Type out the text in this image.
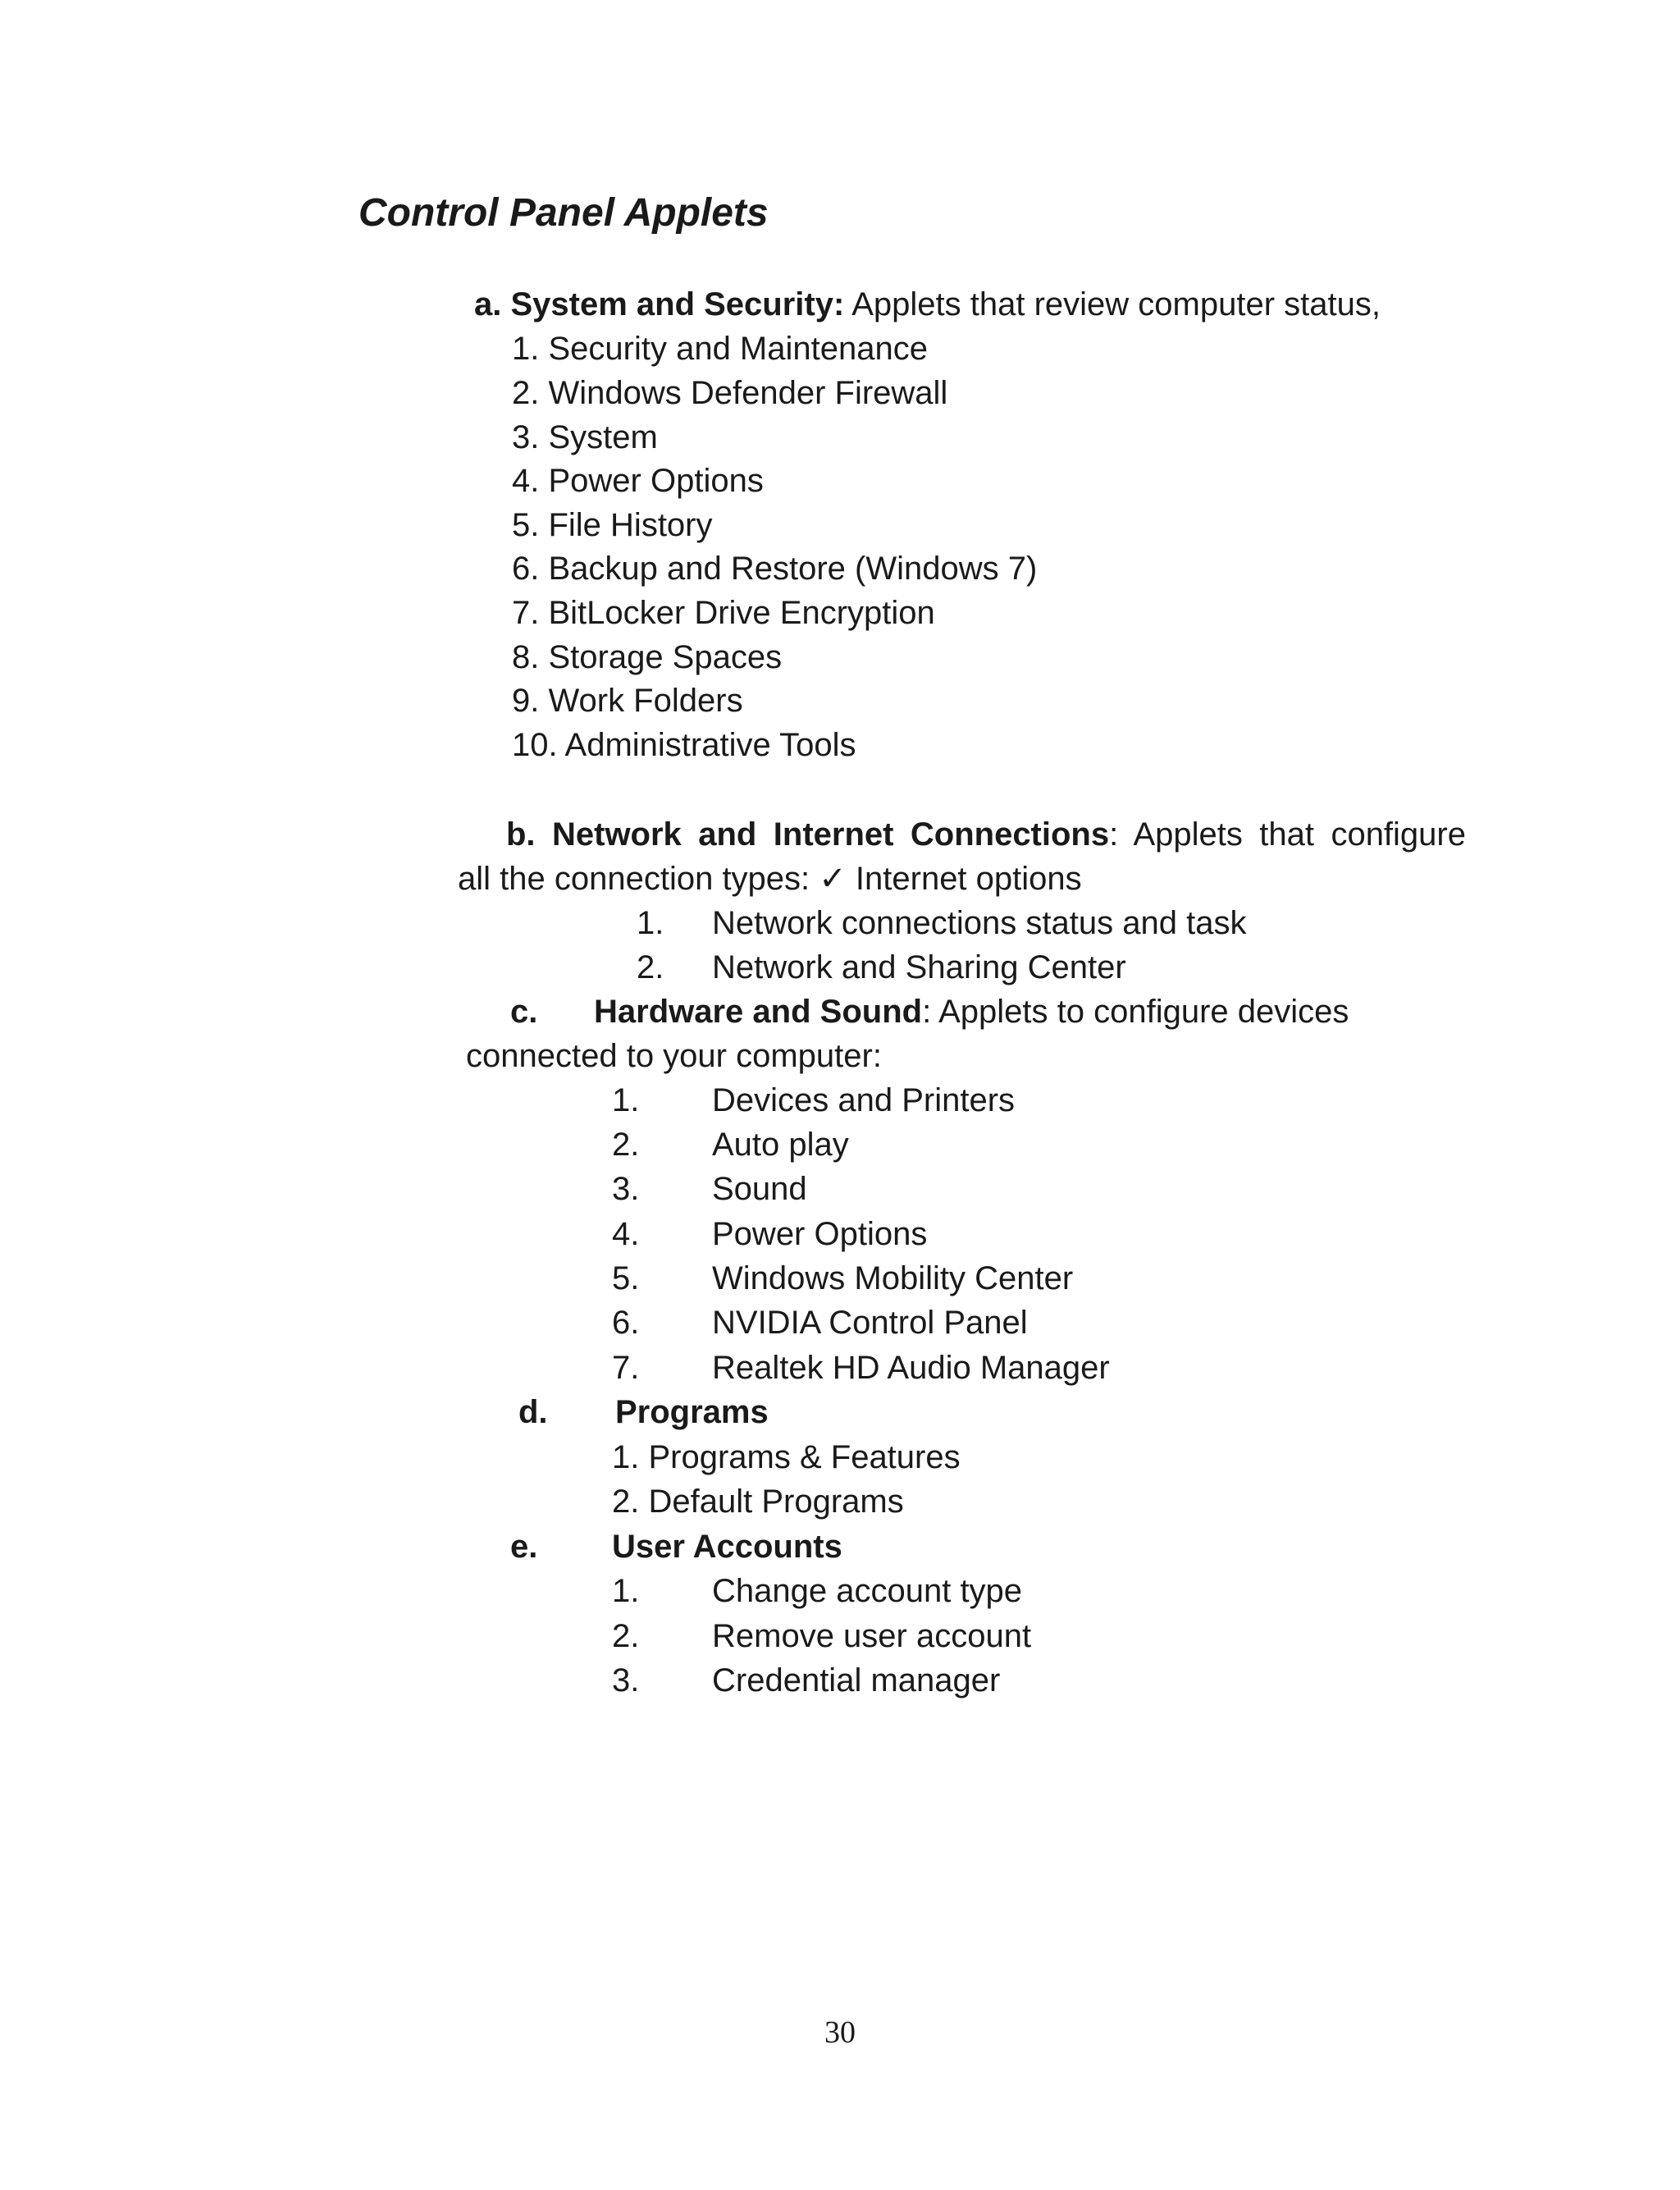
Control Panel Applets
a. System and Security: Applets that review computer status,
1. Security and Maintenance
2. Windows Defender Firewall
3. System
4. Power Options
5. File History
6. Backup and Restore (Windows 7)
7. BitLocker Drive Encryption
8. Storage Spaces
9. Work Folders
10. Administrative Tools
b. Network and Internet Connections: Applets that configure
all the connection types: ✓ Internet options
1. Network connections status and task
2. Network and Sharing Center
c. Hardware and Sound: Applets to configure devices
connected to your computer:
1. Devices and Printers
2. Auto play
3. Sound
4. Power Options
5. Windows Mobility Center
6. NVIDIA Control Panel
7. Realtek HD Audio Manager
d. Programs
1. Programs & Features
2. Default Programs
e. User Accounts
1. Change account type
2. Remove user account
3. Credential manager
30
